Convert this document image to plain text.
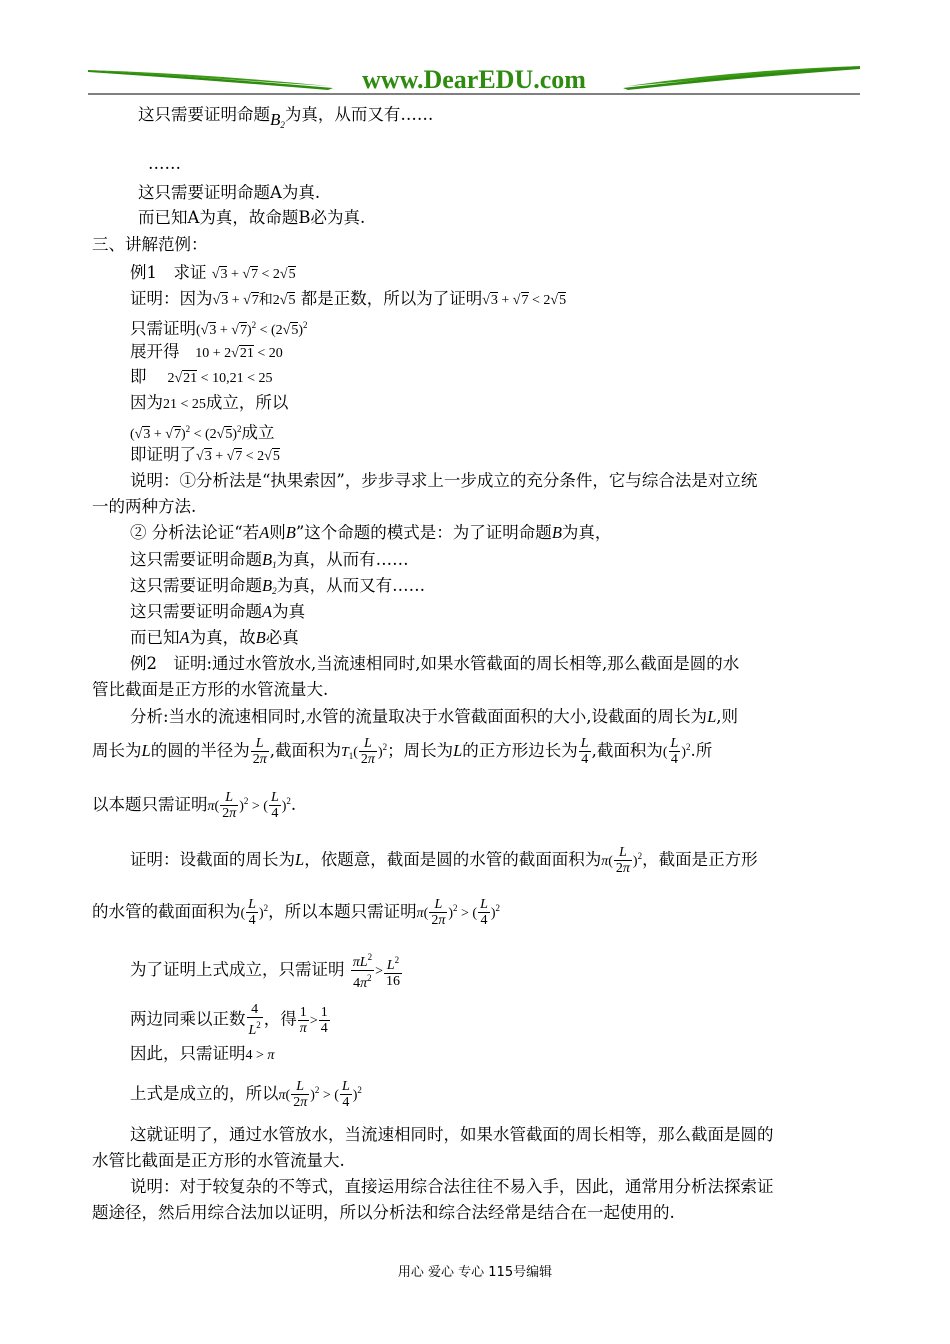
www.DearEDU.com
这只需要证明命题$B_2$为真，从而又有……
……
这只需要证明命题A为真.
而已知A为真，故命题B必为真.
三、讲解范例：
例1　求证 √3 + √7 < 2√5
证明：因为√3 + √7和2√5 都是正数，所以为了证明√3 + √7 < 2√5
只需证明$(√3 + √7)^2 < (2√5)^2$
展开得 10 + 2√21 < 20
即 2√21 < 10,21 < 25
因为21 < 25成立，所以
$(√3 + √7)^2 < (2√5)^2$成立
即证明了√3 + √7 < 2√5
说明：①分析法是“执果索因”，步步寻求上一步成立的充分条件，它与综合法是对立统
一的两种方法.
② 分析法论证“若A则B”这个命题的模式是：为了证明命题B为真，
这只需要证明命题$B_1$为真，从而有……
这只需要证明命题$B_2$为真，从而又有……
这只需要证明命题A为真
而已知A为真，故B必真
例2　证明:通过水管放水,当流速相同时,如果水管截面的周长相等,那么截面是圆的水
管比截面是正方形的水管流量大.
分析:当水的流速相同时,水管的流量取决于水管截面面积的大小,设截面的周长为L,则
周长为L的圆的半径为 $\frac{L}{2\pi}$ ,截面积为$T_1( \frac{L}{2\pi} )^2$；周长为L的正方形边长为 $\frac{L}{4}$ ,截面积为( $\frac{L}{4} )^2$.所
以本题只需证明$\pi( \frac{L}{2\pi} )^2$ > ( $\frac{L}{4} )^2$.
证明：设截面的周长为L，依题意，截面是圆的水管的截面面积为$\pi( \frac{L}{2\pi} )^2$，截面是正方形
的水管的截面面积为( $\frac{L}{4} )^2$，所以本题只需证明$\pi( \frac{L}{2\pi} )^2$ > ( $\frac{L}{4} )^2$
为了证明上式成立，只需证明 $\frac{\pi L^2}{4\pi^2} > \frac{L^2}{16}$
两边同乘以正数 $\frac{4}{L^2}$ ，得 $\frac{1}{\pi} > \frac{1}{4}$
因此，只需证明4 > π
上式是成立的，所以$\pi( \frac{L}{2\pi} )^2$ > ( $\frac{L}{4} )^2$
这就证明了，通过水管放水，当流速相同时，如果水管截面的周长相等，那么截面是圆的
水管比截面是正方形的水管流量大.
说明：对于较复杂的不等式，直接运用综合法往往不易入手，因此，通常用分析法探索证
题途径，然后用综合法加以证明，所以分析法和综合法经常是结合在一起使用的.
用心 爱心 专心 115号编辑
